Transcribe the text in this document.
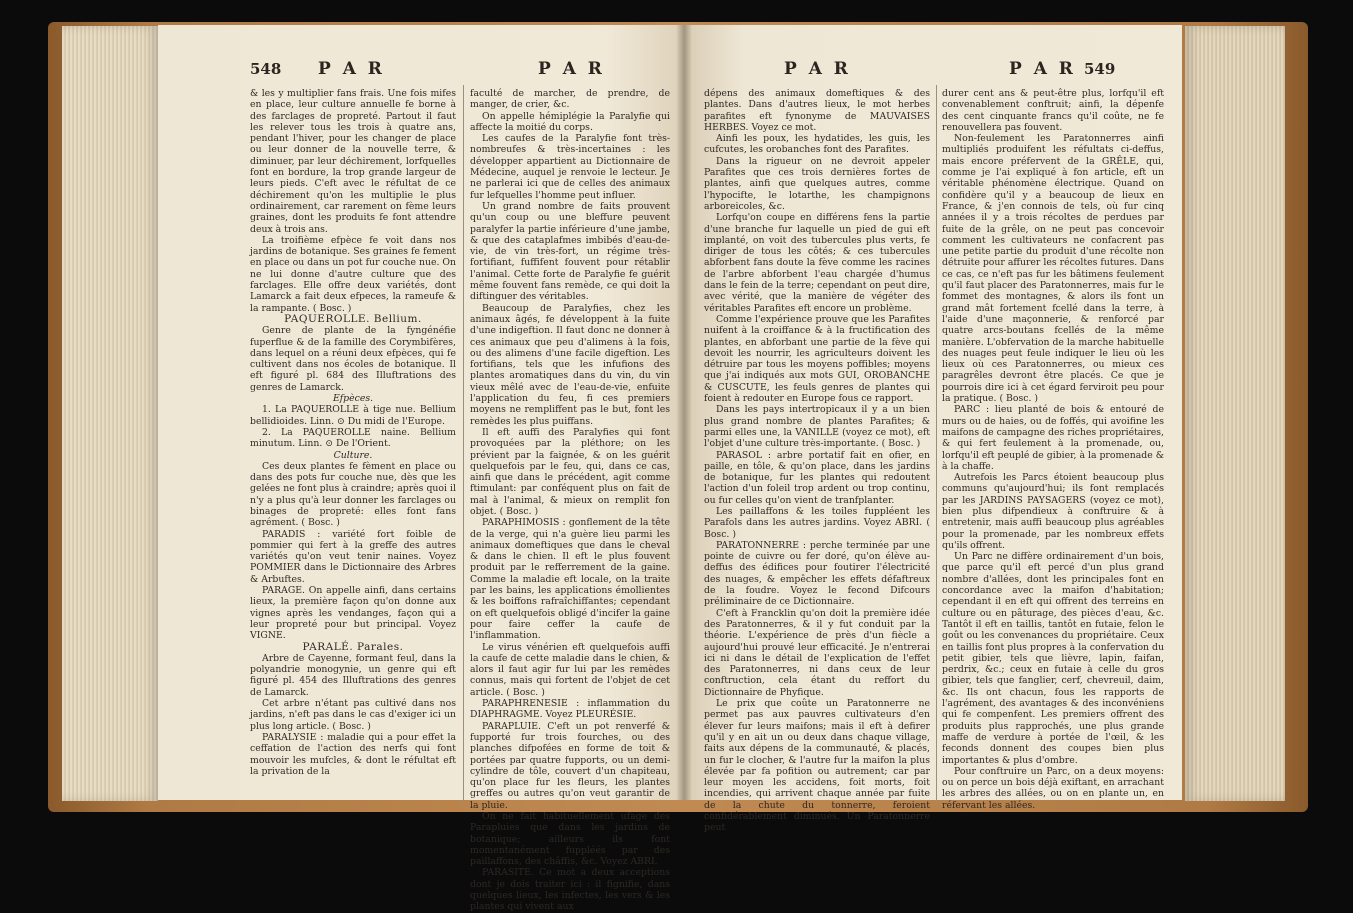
548 P A R	P A R

& les y multiplier fans frais. Une fois mifes en place, leur culture annuelle fe borne à des farclages de propreté. Partout il faut les relever tous les trois à quatre ans, pendant l'hiver, pour les changer de place ou leur donner de la nouvelle terre, & diminuer, par leur déchirement, lorfquelles font en bordure, la trop grande largeur de leurs pieds. C'eft avec le réfultat de ce déchirement qu'on les multiplie le plus ordinairement, car rarement on fème leurs graines, dont les produits fe font attendre deux à trois ans.

La troifième efpèce fe voit dans nos jardins de botanique. Ses graines fe fement en place ou dans un pot fur couche nue. On ne lui donne d'autre culture que des farclages. Elle offre deux variétés, dont Lamarck a fait deux efpeces, la rameufe & la rampante. ( Bosc. )

PAQUEROLLE. Bellium.

Genre de plante de la fyngénéfie fuperflue & de la famille des Corymbifères, dans lequel on a réuni deux efpèces, qui fe cultivent dans nos écoles de botanique. Il eft figuré pl. 684 des Illuftrations des genres de Lamarck.

Efpèces.

1. La PAQUEROLLE à tige nue. Bellium bellidioides. Linn. ⊙ Du midi de l'Europe.

2. La PAQUEROLLE naine. Bellium minutum. Linn. ⊙ De l'Orient.

Culture.

Ces deux plantes fe fèment en place ou dans des pots fur couche nue, dès que les gelées ne font plus à craindre; après quoi il n'y a plus qu'à leur donner les farclages ou binages de propreté: elles font fans agrément. ( Bosc. )

PARADIS : variété fort foible de pommier qui fert à la greffe des autres variétés qu'on veut tenir naines. Voyez POMMIER dans le Dictionnaire des Arbres & Arbuftes.

PARAGE. On appelle ainfi, dans certains lieux, la première façon qu'on donne aux vignes après les vendanges, façon qui a leur propreté pour but principal. Voyez VIGNE.

PARALÉ. Parales.

Arbre de Cayenne, formant feul, dans la polyandrie monogynie, un genre qui eft figuré pl. 454 des Illuftrations des genres de Lamarck.

Cet arbre n'étant pas cultivé dans nos jardins, n'eft pas dans le cas d'exiger ici un plus long article. ( Bosc. )

PARALYSIE : maladie qui a pour effet la ceffation de l'action des nerfs qui font mouvoir les mufcles, & dont le réfultat eft la privation de la

faculté de marcher, de prendre, de manger, de crier, &c.

On appelle hémiplégie la Paralyfie qui affecte la moitié du corps.

Les caufes de la Paralyfie font très-nombreufes & très-incertaines : les développer appartient au Dictionnaire de Médecine, auquel je renvoie le lecteur. Je ne parlerai ici que de celles des animaux fur lefquelles l'homme peut influer.

Un grand nombre de faits prouvent qu'un coup ou une bleffure peuvent paralyfer la partie inférieure d'une jambe, & que des cataplafmes imbibés d'eau-de-vie, de vin très-fort, un régime très-fortifiant, fuffifent fouvent pour rétablir l'animal. Cette forte de Paralyfie fe guérit même fouvent fans remède, ce qui doit la diftinguer des véritables.

Beaucoup de Paralyfies, chez les animaux âgés, fe développent à la fuite d'une indigeftion. Il faut donc ne donner à ces animaux que peu d'alimens à la fois, ou des alimens d'une facile digeftion. Les fortifians, tels que les infufions des plantes aromatiques dans du vin, du vin vieux mêlé avec de l'eau-de-vie, enfuite l'application du feu, fi ces premiers moyens ne rempliffent pas le but, font les remèdes les plus puiffans.

Il eft auffi des Paralyfies qui font provoquées par la pléthore; on les prévient par la faignée, & on les guérit quelquefois par le feu, qui, dans ce cas, ainfi que dans le précédent, agit comme ftimulant: par conféquent plus on fait de mal à l'animal, & mieux on remplit fon objet. ( Bosc. )

PARAPHIMOSIS : gonflement de la tête de la verge, qui n'a guère lieu parmi les animaux domeftiques que dans le cheval & dans le chien. Il eft le plus fouvent produit par le refferrement de la gaine. Comme la maladie eft locale, on la traite par les bains, les applications émollientes & les boiffons rafraîchiffantes; cependant on eft quelquefois obligé d'incifer la gaine pour faire ceffer la caufe de l'inflammation.

Le virus vénérien eft quelquefois auffi la caufe de cette maladie dans le chien, & alors il faut agir fur lui par les remèdes connus, mais qui fortent de l'objet de cet article. ( Bosc. )

PARAPHRENESIE : inflammation du DIAPHRAGME. Voyez PLEURÉSIE.

PARAPLUIE. C'eft un pot renverfé & fupporté fur trois fourches, ou des planches difpofées en forme de toit & portées par quatre fupports, ou un demi-cylindre de tôle, couvert d'un chapiteau, qu'on place fur les fleurs, les plantes greffes ou autres qu'on veut garantir de la pluie.

On ne fait habituellement ufage des Parapluies que dans les jardins de botanique; ailleurs ils font momentanément fuppléés par des paillaffons, des châffis, &c. Voyez ABRI.

PARASITE. Ce mot a deux acceptions dont je dois traiter ici : il fignifie, dans quelques lieux, les infectes, les vers & les plantes qui vivent aux

P A R	P A R 549

dépens des animaux domeftiques & des plantes. Dans d'autres lieux, le mot herbes parafites eft fynonyme de MAUVAISES HERBES. Voyez ce mot.

Ainfi les poux, les hydatides, les guis, les cufcutes, les orobanches font des Parafites.

Dans la rigueur on ne devroit appeler Parafites que ces trois dernières fortes de plantes, ainfi que quelques autres, comme l'hypocifte, le lotarthe, les champignons arboreicoles, &c.

Lorfqu'on coupe en différens fens la partie d'une branche fur laquelle un pied de gui eft implanté, on voit des tubercules plus verts, fe diriger de tous les côtés; & ces tubercules abforbent fans doute la fève comme les racines de l'arbre abforbent l'eau chargée d'humus dans le fein de la terre; cependant on peut dire, avec vérité, que la manière de végéter des véritables Parafites eft encore un problème.

Comme l'expérience prouve que les Parafites nuifent à la croiffance & à la fructification des plantes, en abforbant une partie de la fève qui devoit les nourrir, les agriculteurs doivent les détruire par tous les moyens poffibles; moyens que j'ai indiqués aux mots GUI, OROBANCHE & CUSCUTE, les feuls genres de plantes qui foient à redouter en Europe fous ce rapport.

Dans les pays intertropicaux il y a un bien plus grand nombre de plantes Parafites; & parmi elles une, la VANILLE (voyez ce mot), eft l'objet d'une culture très-importante. ( Bosc. )

PARASOL : arbre portatif fait en ofier, en paille, en tôle, & qu'on place, dans les jardins de botanique, fur les plantes qui redoutent l'action d'un foleil trop ardent ou trop continu, ou fur celles qu'on vient de tranfplanter.

Les paillaffons & les toiles fuppléent les Parafols dans les autres jardins. Voyez ABRI. ( Bosc. )

PARATONNERRE : perche terminée par une pointe de cuivre ou fer doré, qu'on élève au-deffus des édifices pour foutirer l'électricité des nuages, & empêcher les effets défaftreux de la foudre. Voyez le fecond Difcours préliminaire de ce Dictionnaire.

C'eft à Francklin qu'on doit la première idée des Paratonnerres, & il y fut conduit par la théorie. L'expérience de près d'un fiècle a aujourd'hui prouvé leur efficacité. Je n'entrerai ici ni dans le détail de l'explication de l'effet des Paratonnerres, ni dans ceux de leur conftruction, cela étant du reffort du Dictionnaire de Phyfique.

Le prix que coûte un Paratonnerre ne permet pas aux pauvres cultivateurs d'en élever fur leurs maifons; mais il eft à defirer qu'il y en ait un ou deux dans chaque village, faits aux dépens de la communauté, & placés, un fur le clocher, & l'autre fur la maifon la plus élevée par fa pofition ou autrement; car par leur moyen les accidens, foit morts, foit incendies, qui arrivent chaque année par fuite de la chute du tonnerre, feroient confidérablement diminués. Un Paratonnerre peut

durer cent ans & peut-être plus, lorfqu'il eft convenablement conftruit; ainfi, la dépenfe des cent cinquante francs qu'il coûte, ne fe renouvellera pas fouvent.

Non-feulement les Paratonnerres ainfi multipliés produifent les réfultats ci-deffus, mais encore préfervent de la GRÊLE, qui, comme je l'ai expliqué à fon article, eft un véritable phénomène électrique. Quand on confidère qu'il y a beaucoup de lieux en France, & j'en connois de tels, où fur cinq années il y a trois récoltes de perdues par fuite de la grêle, on ne peut pas concevoir comment les cultivateurs ne confacrent pas une petite partie du produit d'une récolte non détruite pour affurer les récoltes futures. Dans ce cas, ce n'eft pas fur les bâtimens feulement qu'il faut placer des Paratonnerres, mais fur le fommet des montagnes, & alors ils font un grand mât fortement fcellé dans la terre, à l'aide d'une maçonnerie, & renforcé par quatre arcs-boutans fcellés de la même manière. L'obfervation de la marche habituelle des nuages peut feule indiquer le lieu où les lieux où ces Paratonnerres, ou mieux ces paragrêles devront être placés. Ce que je pourrois dire ici à cet égard ferviroit peu pour la pratique. ( Bosc. )

PARC : lieu planté de bois & entouré de murs ou de haies, ou de foffés, qui avoifine les maifons de campagne des riches propriétaires, & qui fert feulement à la promenade, ou, lorfqu'il eft peuplé de gibier, à la promenade & à la chaffe.

Autrefois les Parcs étoient beaucoup plus communs qu'aujourd'hui; ils font remplacés par les JARDINS PAYSAGERS (voyez ce mot), bien plus difpendieux à conftruire & à entretenir, mais auffi beaucoup plus agréables pour la promenade, par les nombreux effets qu'ils offrent.

Un Parc ne diffère ordinairement d'un bois, que parce qu'il eft percé d'un plus grand nombre d'allées, dont les principales font en concordance avec la maifon d'habitation; cependant il en eft qui offrent des terreins en culture ou en pâturage, des pièces d'eau, &c. Tantôt il eft en taillis, tantôt en futaie, felon le goût ou les convenances du propriétaire. Ceux en taillis font plus propres à la confervation du petit gibier, tels que lièvre, lapin, faifan, perdrix, &c.; ceux en futaie à celle du gros gibier, tels que fanglier, cerf, chevreuil, daim, &c. Ils ont chacun, fous les rapports de l'agrément, des avantages & des inconvéniens qui fe compenfent. Les premiers offrent des produits plus rapprochés, une plus grande maffe de verdure à portée de l'œil, & les feconds donnent des coupes bien plus importantes & plus d'ombre.

Pour conftruire un Parc, on a deux moyens: ou on perce un bois déjà exiftant, en arrachant les arbres des allées, ou on en plante un, en réfervant les allées.
